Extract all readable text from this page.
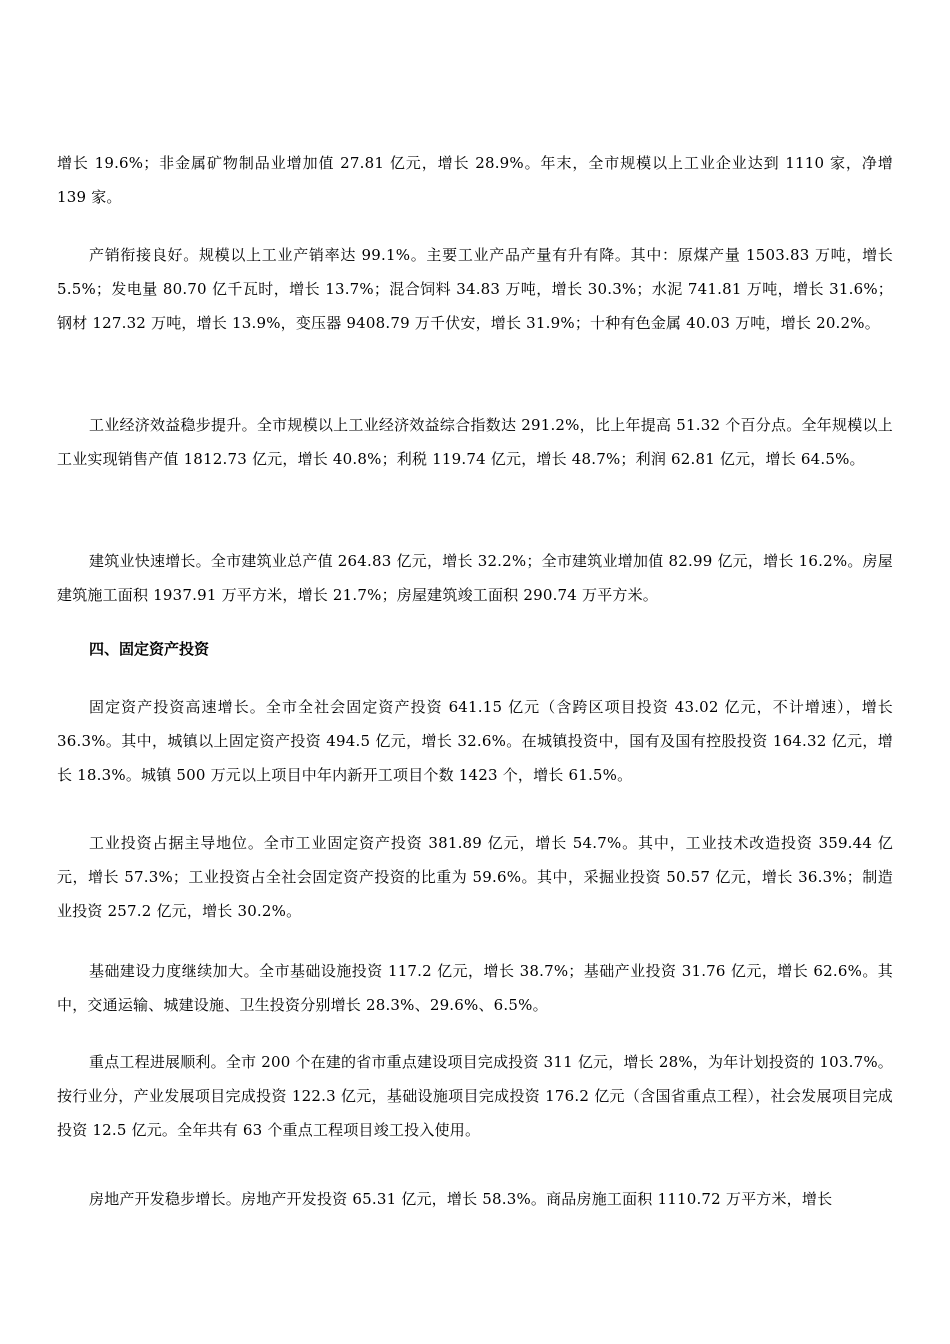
增长 19.6%；非金属矿物制品业增加值 27.81 亿元，增长 28.9%。年末，全市规模以上工业企业达到 1110 家，净增 139 家。

产销衔接良好。规模以上工业产销率达 99.1%。主要工业产品产量有升有降。其中：原煤产量 1503.83 万吨，增长 5.5%；发电量 80.70 亿千瓦时，增长 13.7%；混合饲料 34.83 万吨，增长 30.3%；水泥 741.81 万吨，增长 31.6%；钢材 127.32 万吨，增长 13.9%，变压器 9408.79 万千伏安，增长 31.9%；十种有色金属 40.03 万吨，增长 20.2%。

工业经济效益稳步提升。全市规模以上工业经济效益综合指数达 291.2%，比上年提高 51.32 个百分点。全年规模以上工业实现销售产值 1812.73 亿元，增长 40.8%；利税 119.74 亿元，增长 48.7%；利润 62.81 亿元，增长 64.5%。

建筑业快速增长。全市建筑业总产值 264.83 亿元，增长 32.2%；全市建筑业增加值 82.99 亿元，增长 16.2%。房屋建筑施工面积 1937.91 万平方米，增长 21.7%；房屋建筑竣工面积 290.74 万平方米。

四、固定资产投资

固定资产投资高速增长。全市全社会固定资产投资 641.15 亿元（含跨区项目投资 43.02 亿元，不计增速），增长 36.3%。其中，城镇以上固定资产投资 494.5 亿元，增长 32.6%。在城镇投资中，国有及国有控股投资 164.32 亿元，增长 18.3%。城镇 500 万元以上项目中年内新开工项目个数 1423 个，增长 61.5%。

工业投资占据主导地位。全市工业固定资产投资 381.89 亿元，增长 54.7%。其中，工业技术改造投资 359.44 亿元，增长 57.3%；工业投资占全社会固定资产投资的比重为 59.6%。其中，采掘业投资 50.57 亿元，增长 36.3%；制造业投资 257.2 亿元，增长 30.2%。

基础建设力度继续加大。全市基础设施投资 117.2 亿元，增长 38.7%；基础产业投资 31.76 亿元，增长 62.6%。其中，交通运输、城建设施、卫生投资分别增长 28.3%、29.6%、6.5%。

重点工程进展顺利。全市 200 个在建的省市重点建设项目完成投资 311 亿元，增长 28%，为年计划投资的 103.7%。按行业分，产业发展项目完成投资 122.3 亿元，基础设施项目完成投资 176.2 亿元（含国省重点工程），社会发展项目完成投资 12.5 亿元。全年共有 63 个重点工程项目竣工投入使用。

房地产开发稳步增长。房地产开发投资 65.31 亿元，增长 58.3%。商品房施工面积 1110.72 万平方米，增长
